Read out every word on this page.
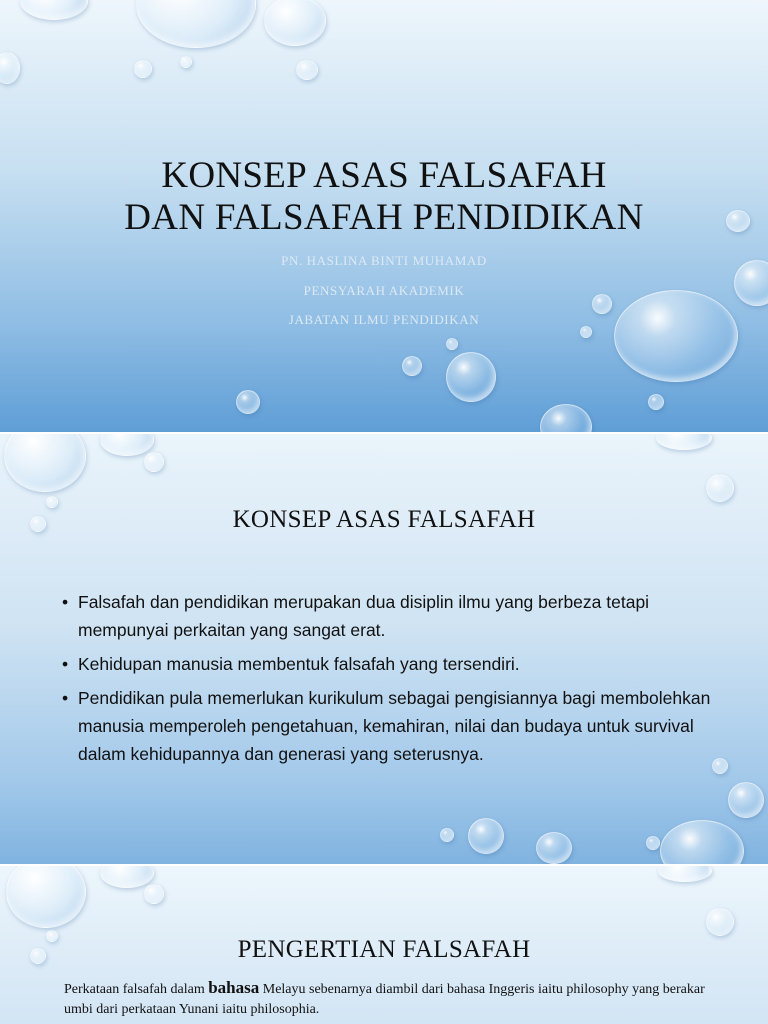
KONSEP ASAS FALSAFAH
DAN FALSAFAH PENDIDIKAN
PN. HASLINA BINTI MUHAMAD
PENSYARAH AKADEMIK
JABATAN ILMU PENDIDIKAN
KONSEP ASAS FALSAFAH
• Falsafah dan pendidikan merupakan dua disiplin ilmu yang berbeza tetapi mempunyai perkaitan yang sangat erat.
• Kehidupan manusia membentuk falsafah yang tersendiri.
• Pendidikan pula memerlukan kurikulum sebagai pengisiannya bagi membolehkan manusia memperoleh pengetahuan, kemahiran, nilai dan budaya untuk survival dalam kehidupannya dan generasi yang seterusnya.
PENGERTIAN FALSAFAH
Perkataan falsafah dalam bahasa Melayu sebenarnya diambil dari bahasa Inggeris iaitu philosophy yang berakar umbi dari perkataan Yunani iaitu philosophia.
